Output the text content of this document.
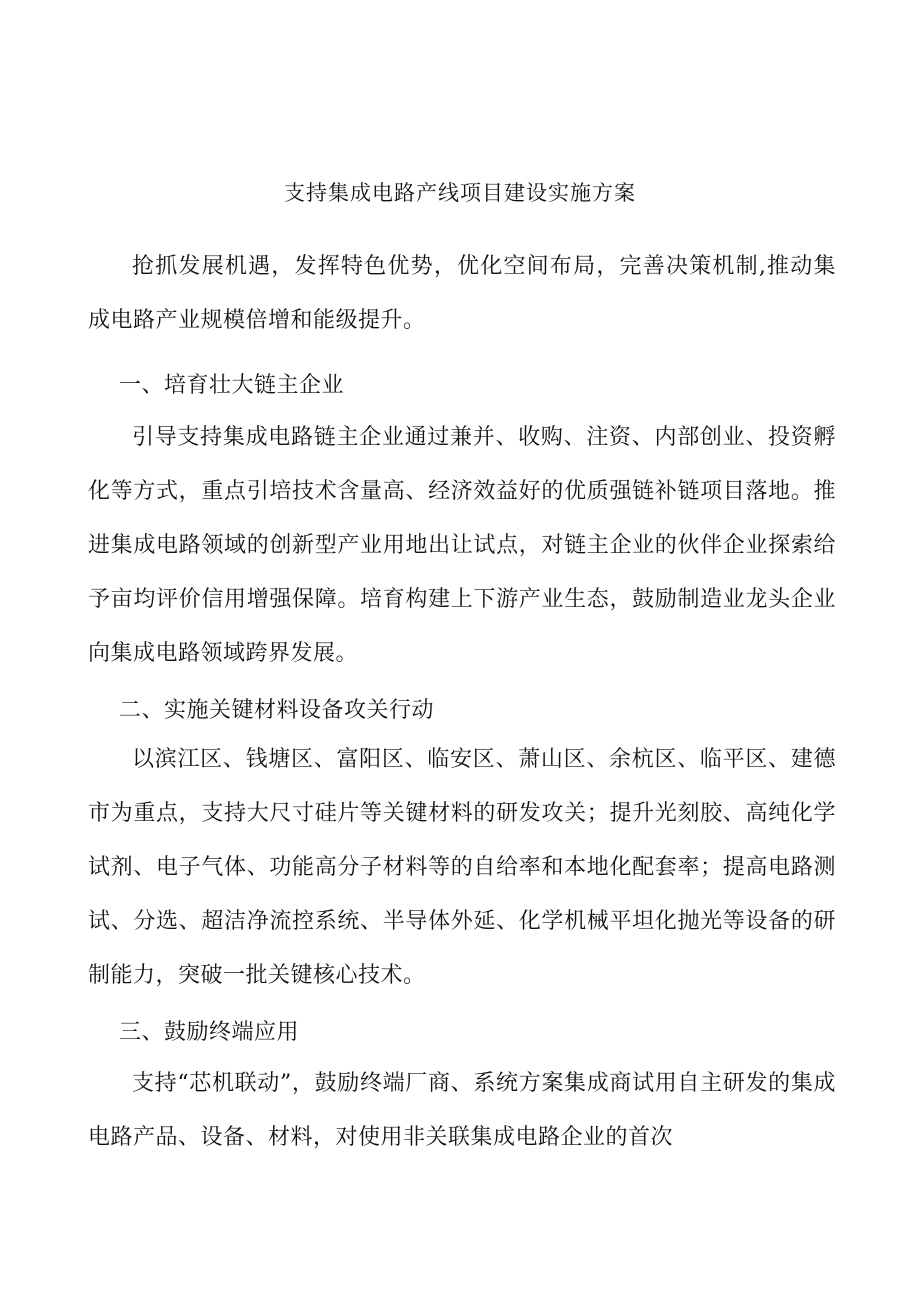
支持集成电路产线项目建设实施方案

抢抓发展机遇，发挥特色优势，优化空间布局，完善决策机制,推动集成电路产业规模倍增和能级提升。

一、培育壮大链主企业

引导支持集成电路链主企业通过兼并、收购、注资、内部创业、投资孵化等方式，重点引培技术含量高、经济效益好的优质强链补链项目落地。推进集成电路领域的创新型产业用地出让试点，对链主企业的伙伴企业探索给予亩均评价信用增强保障。培育构建上下游产业生态，鼓励制造业龙头企业向集成电路领域跨界发展。

二、实施关键材料设备攻关行动

以滨江区、钱塘区、富阳区、临安区、萧山区、余杭区、临平区、建德市为重点，支持大尺寸硅片等关键材料的研发攻关；提升光刻胶、高纯化学试剂、电子气体、功能高分子材料等的自给率和本地化配套率；提高电路测试、分选、超洁净流控系统、半导体外延、化学机械平坦化抛光等设备的研制能力，突破一批关键核心技术。

三、鼓励终端应用

支持“芯机联动”，鼓励终端厂商、系统方案集成商试用自主研发的集成电路产品、设备、材料，对使用非关联集成电路企业的首次
